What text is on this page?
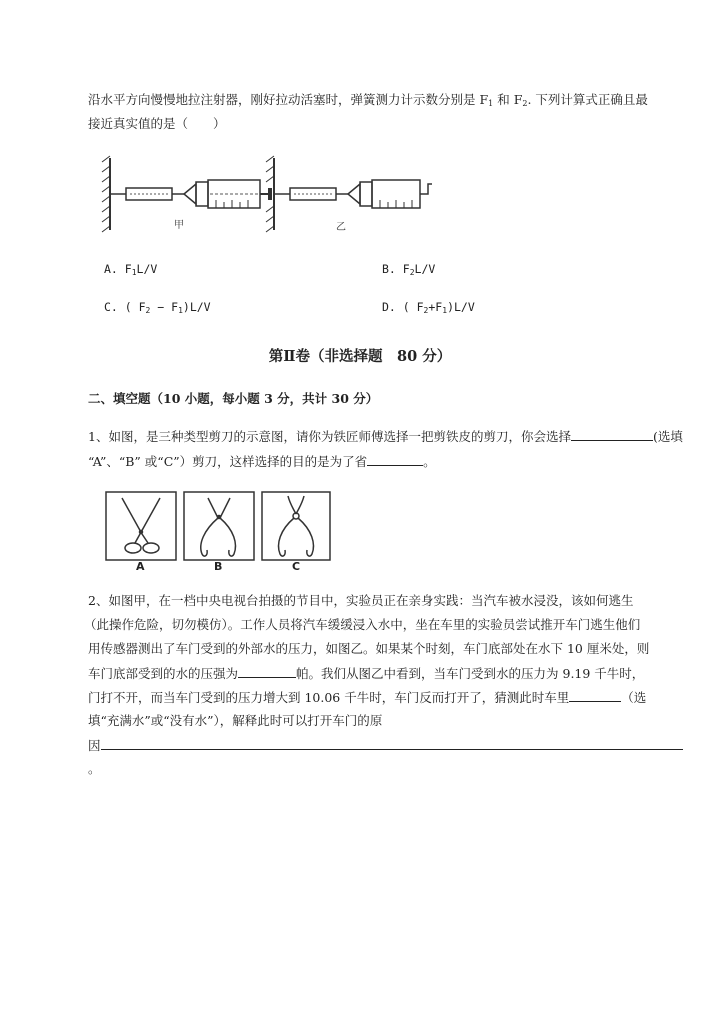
沿水平方向慢慢地拉注射器，刚好拉动活塞时，弹簧测力计示数分别是 $F_1$ 和 $F_2$. 下列计算式正确且最
接近真实值的是（　　）
甲	乙
A. $F_1L/V$	B. $F_2L/V$
C. ( $F_2 - F_1)L/V$	D. ( $F_2+F_1)L/V$
第Ⅱ卷（非选择题　80 分）
二、填空题（10 小题，每小题 3 分，共计 30 分）
1、如图，是三种类型剪刀的示意图，请你为铁匠师傅选择一把剪铁皮的剪刀，你会选择	(选填
“A”、“B” 或“C”）剪刀，这样选择的目的是为了省	。
A	B	C
2、如图甲，在一档中央电视台拍摄的节目中，实验员正在亲身实践：当汽车被水浸没，该如何逃生
（此操作危险，切勿模仿）。工作人员将汽车缓缓浸入水中，坐在车里的实验员尝试推开车门逃生他们
用传感器测出了车门受到的外部水的压力，如图乙。如果某个时刻，车门底部处在水下 10 厘米处，则
车门底部受到的水的压强为	帕。我们从图乙中看到，当车门受到水的压力为 9.19 千牛时，
门打不开，而当车门受到的压力增大到 10.06 千牛时，车门反而打开了，猜测此时车里	（选
填“充满水”或“没有水”），解释此时可以打开车门的原
因
。
